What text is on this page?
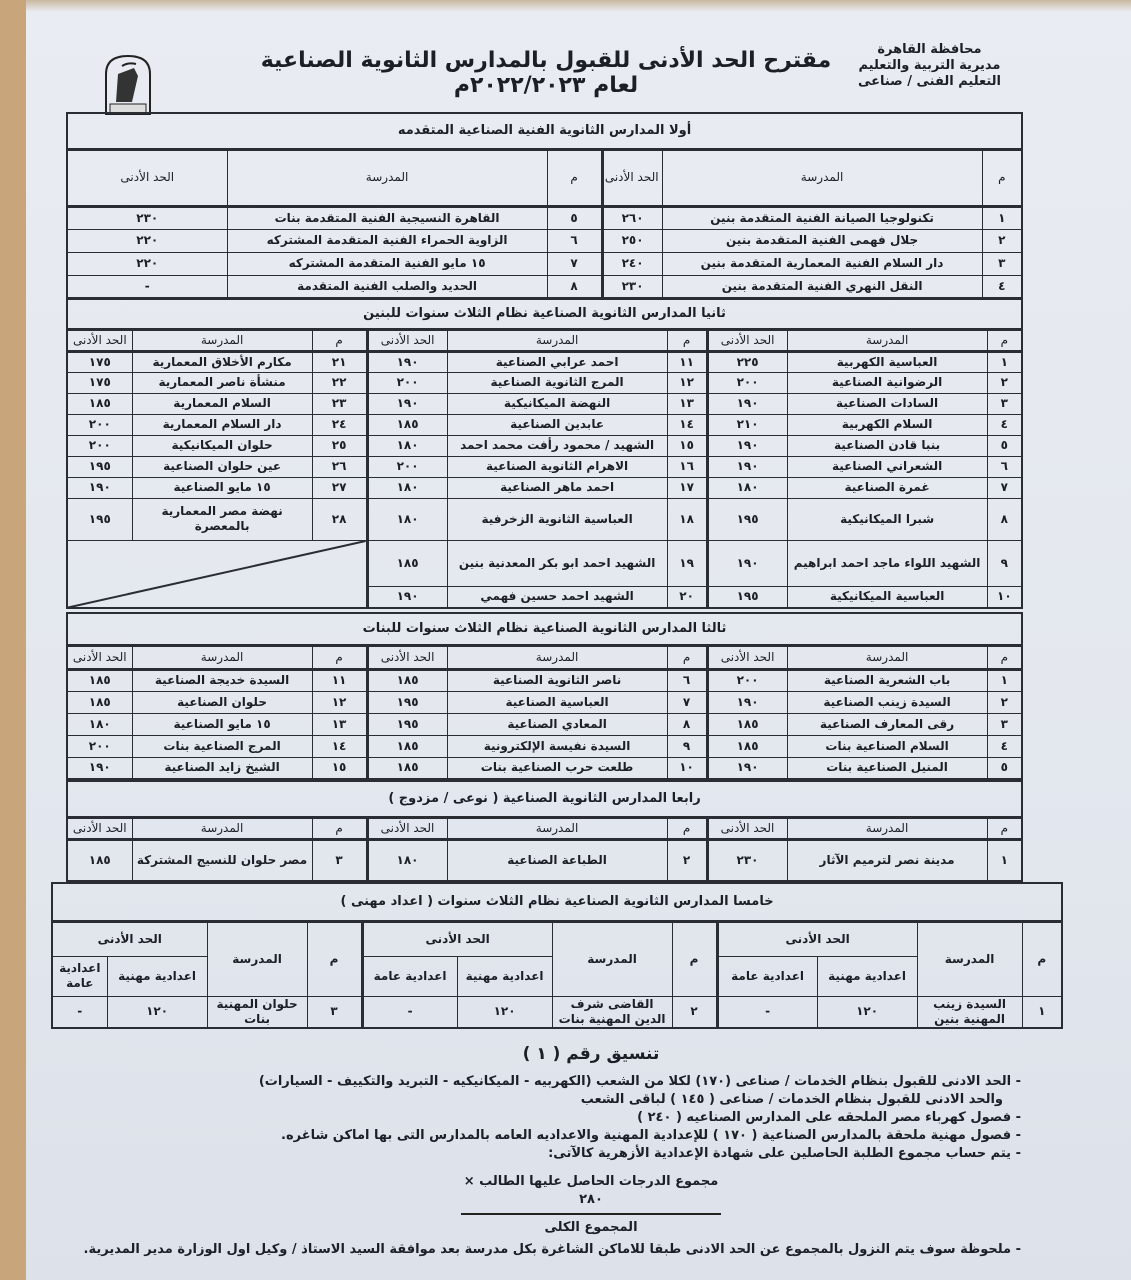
محافظة القاهرة
مديرية التربية والتعليم
التعليم الفنى / صناعى
مقترح الحد الأدنى للقبول بالمدارس الثانوية الصناعية لعام ٢٠٢٢/٢٠٢٣م
تنسيق رقم ( ١ )
- الحد الادنى للقبول بنظام الخدمات / صناعى (١٧٠) لكلا من الشعب (الكهربيه - الميكانيكيه - التبريد والتكييف - السيارات)
والحد الادنى للقبول بنظام الخدمات / صناعى ( ١٤٥ ) لباقى الشعب
- فصول كهرباء مصر الملحقه على المدارس الصناعيه ( ٢٤٠ )
- فصول مهنية ملحقة بالمدارس الصناعية ( ١٧٠ ) للإعدادية المهنية والاعداديه العامه بالمدارس التى بها اماكن شاغره.
- يتم حساب مجموع الطلبة الحاصلين على شهادة الإعدادية الأزهرية كالآتى:
مجموع الدرجات الحاصل عليها الطالب × ٢٨٠
المجموع الكلى
- ملحوظة سوف يتم النزول بالمجموع عن الحد الادنى طبقا للاماكن الشاغرة بكل مدرسة بعد موافقة السيد الاستاذ / وكيل اول الوزارة مدير المديرية.
أولا المدارس الثانوية الفنية الصناعية المتقدمه					
م	المدرسة	الحد الأدنى	م	المدرسة	الحد الأدنى
١	تكنولوجيا الصيانة الفنية المتقدمة بنين	٢٦٠	٥	القاهرة النسيجية الفنية المتقدمة بنات	٢٣٠
٢	جلال فهمى الفنية المتقدمة بنين	٢٥٠	٦	الزاوية الحمراء الفنية المتقدمة المشتركه	٢٢٠
٣	دار السلام الفنية المعمارية المتقدمة بنين	٢٤٠	٧	١٥ مايو الفنية المتقدمة المشتركه	٢٢٠
٤	النقل النهري الفنية المتقدمة بنين	٢٣٠	٨	الحديد والصلب الفنية المتقدمة	-
ثانيا المدارس الثانوية الصناعية نظام الثلاث سنوات للبنين								
م	المدرسة	الحد الأدنى	م	المدرسة	الحد الأدنى	م	المدرسة	الحد الأدنى
١	العباسية الكهربية	٢٢٥	١١	احمد عرابي الصناعية	١٩٠	٢١	مكارم الأخلاق المعمارية	١٧٥
٢	الرضوانية الصناعية	٢٠٠	١٢	المرج الثانوية الصناعية	٢٠٠	٢٢	منشأة ناصر المعمارية	١٧٥
٣	السادات الصناعية	١٩٠	١٣	النهضة الميكانيكية	١٩٠	٢٣	السلام المعمارية	١٨٥
٤	السلام الكهربية	٢١٠	١٤	عابدين الصناعية	١٨٥	٢٤	دار السلام المعمارية	٢٠٠
٥	بنبا قادن الصناعية	١٩٠	١٥	الشهيد / محمود رأفت محمد احمد	١٨٠	٢٥	حلوان الميكانيكية	٢٠٠
٦	الشعراني الصناعية	١٩٠	١٦	الاهرام الثانوية الصناعية	٢٠٠	٢٦	عين حلوان الصناعية	١٩٥
٧	غمرة الصناعية	١٨٠	١٧	احمد ماهر الصناعية	١٨٠	٢٧	١٥ مايو الصناعية	١٩٠
٨	شبرا الميكانيكية	١٩٥	١٨	العباسية الثانوية الزخرفية	١٨٠	٢٨	نهضة مصر المعمارية بالمعصرة	١٩٥
٩	الشهيد اللواء ماجد احمد ابراهيم	١٩٠	١٩	الشهيد احمد ابو بكر المعدنية بنين	١٨٥	

١٠	العباسية الميكانيكية	١٩٥	٢٠	الشهيد احمد حسين فهمي	١٩٠			
ثالثا المدارس الثانوية الصناعية نظام الثلاث سنوات للبنات								
م	المدرسة	الحد الأدنى	م	المدرسة	الحد الأدنى	م	المدرسة	الحد الأدنى
١	باب الشعرية الصناعية	٢٠٠	٦	ناصر الثانوية الصناعية	١٨٥	١١	السيدة خديجة الصناعية	١٨٥
٢	السيدة زينب الصناعية	١٩٠	٧	العباسية الصناعية	١٩٥	١٢	حلوان الصناعية	١٨٥
٣	رقى المعارف الصناعية	١٨٥	٨	المعادي الصناعية	١٩٥	١٣	١٥ مايو الصناعية	١٨٠
٤	السلام الصناعية بنات	١٨٥	٩	السيدة نفيسة الإلكترونية	١٨٥	١٤	المرج الصناعية بنات	٢٠٠
٥	المنيل الصناعية بنات	١٩٠	١٠	طلعت حرب الصناعية بنات	١٨٥	١٥	الشيخ زايد الصناعية	١٩٠
رابعا المدارس الثانوية الصناعية ( نوعى / مزدوج )								
م	المدرسة	الحد الأدنى	م	المدرسة	الحد الأدنى	م	المدرسة	الحد الأدنى
١	مدينة نصر لترميم الآثار	٢٣٠	٢	الطباعة الصناعية	١٨٠	٣	مصر حلوان للنسيج المشتركة	١٨٥
خامسا المدارس الثانوية الصناعية نظام الثلاث سنوات ( اعداد مهنى )											
م	المدرسة	الحد الأدنى		م	المدرسة	الحد الأدنى		م	المدرسة	الحد الأدنى	
		اعدادية مهنية	اعدادية عامة			اعدادية مهنية	اعدادية عامة			اعدادية مهنية	اعدادية عامة
١	السيدة زينب المهنية بنين	١٢٠	-	٢	القاضى شرف الدين المهنية بنات	١٢٠	-	٣	حلوان المهنية بنات	١٢٠	-
